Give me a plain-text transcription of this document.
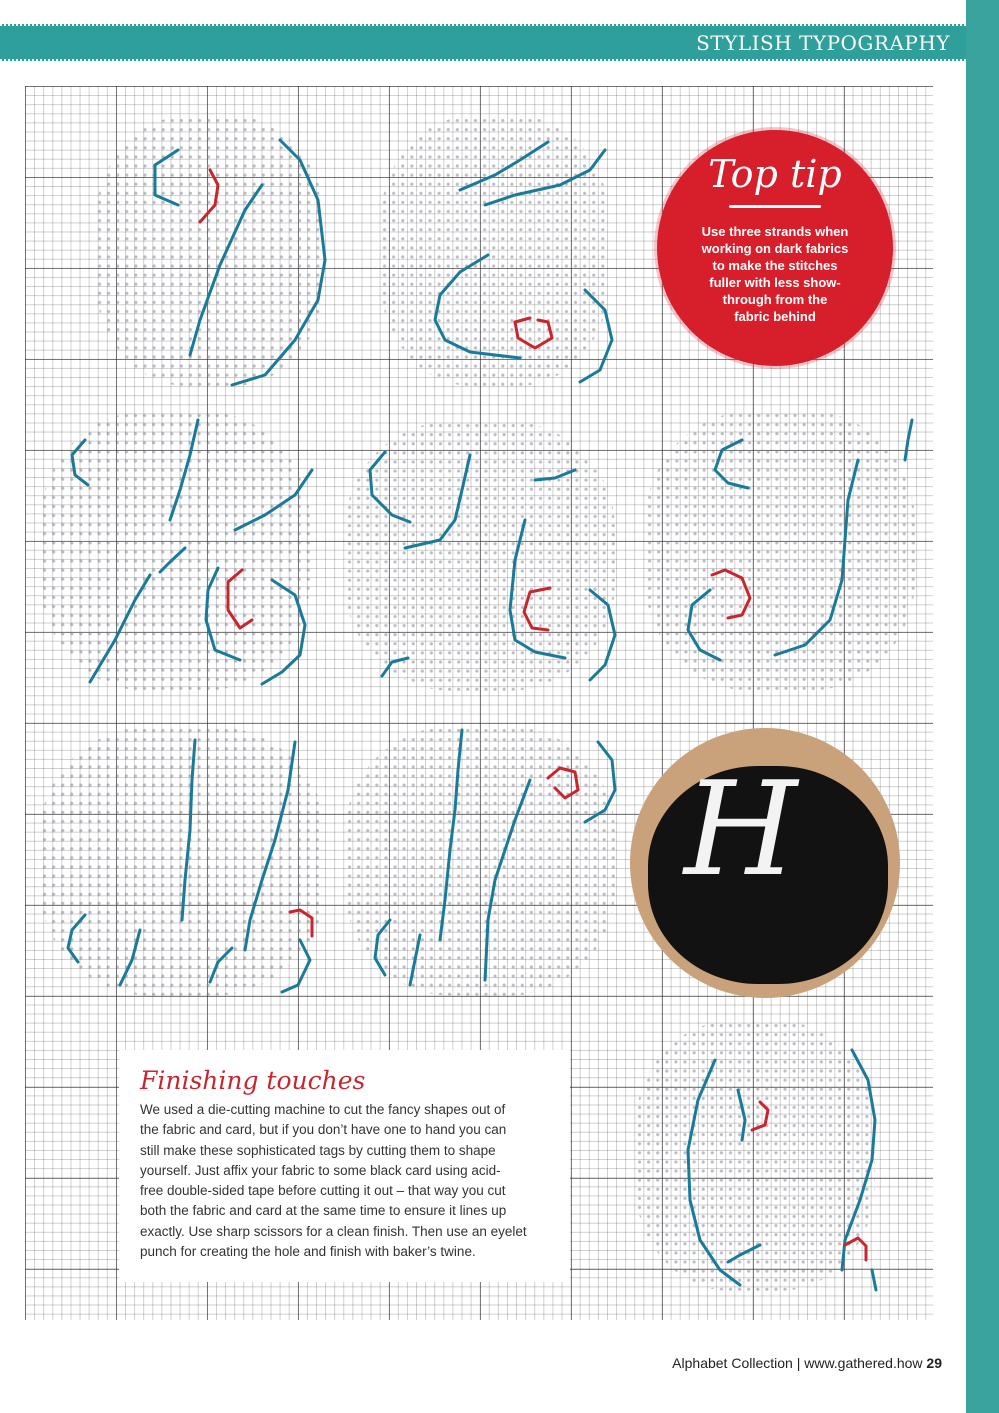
STYLISH TYPOGRAPHY
Top tip
Use three strands when
working on dark fabrics
to make the stitches
fuller with less show-
through from the
fabric behind
H
Finishing touches
We used a die-cutting machine to cut the fancy shapes out of
the fabric and card, but if you don’t have one to hand you can
still make these sophisticated tags by cutting them to shape
yourself. Just affix your fabric to some black card using acid-
free double-sided tape before cutting it out – that way you cut
both the fabric and card at the same time to ensure it lines up
exactly. Use sharp scissors for a clean finish. Then use an eyelet
punch for creating the hole and finish with baker’s twine.
Alphabet Collection | www.gathered.how 29
